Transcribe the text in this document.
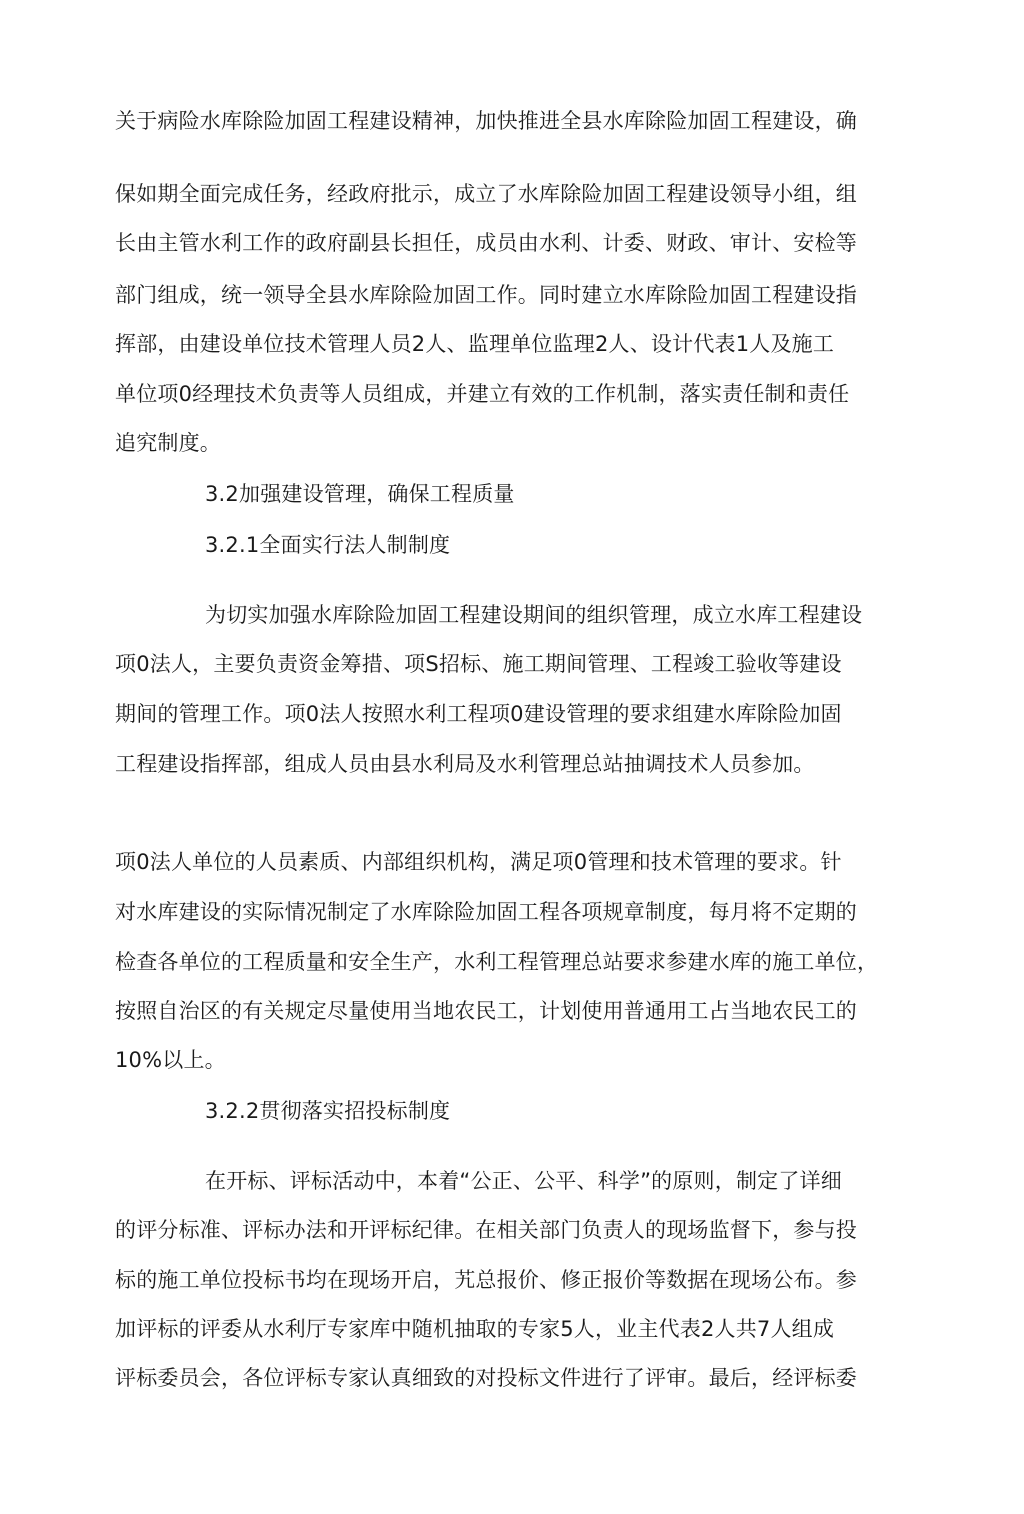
关于病险水库除险加固工程建设精神，加快推进全县水库除险加固工程建设，确
保如期全面完成任务，经政府批示，成立了水库除险加固工程建设领导小组，组
长由主管水利工作的政府副县长担任，成员由水利、计委、财政、审计、安检等
部门组成，统一领导全县水库除险加固工作。同时建立水库除险加固工程建设指
挥部，由建设单位技术管理人员2人、监理单位监理2人、设计代表1人及施工
单位项0经理技术负责等人员组成，并建立有效的工作机制，落实责任制和责任
追究制度。
3.2加强建设管理，确保工程质量
3.2.1全面实行法人制制度
为切实加强水库除险加固工程建设期间的组织管理，成立水库工程建设
项0法人，主要负责资金筹措、项S招标、施工期间管理、工程竣工验收等建设
期间的管理工作。项0法人按照水利工程项0建设管理的要求组建水库除险加固
工程建设指挥部，组成人员由县水利局及水利管理总站抽调技术人员参加。
项0法人单位的人员素质、内部组织机构，满足项0管理和技术管理的要求。针
对水库建设的实际情况制定了水库除险加固工程各项规章制度，每月将不定期的
检查各单位的工程质量和安全生产，水利工程管理总站要求参建水库的施工单位，
按照自治区的有关规定尽量使用当地农民工，计划使用普通用工占当地农民工的
10%以上。
3.2.2贯彻落实招投标制度
在开标、评标活动中，本着“公正、公平、科学”的原则，制定了详细
的评分标准、评标办法和开评标纪律。在相关部门负责人的现场监督下，参与投
标的施工单位投标书均在现场开启，艽总报价、修正报价等数据在现场公布。参
加评标的评委从水利厅专家库中随机抽取的专家5人，业主代表2人共7人组成
评标委员会，各位评标专家认真细致的对投标文件进行了评审。最后，经评标委
